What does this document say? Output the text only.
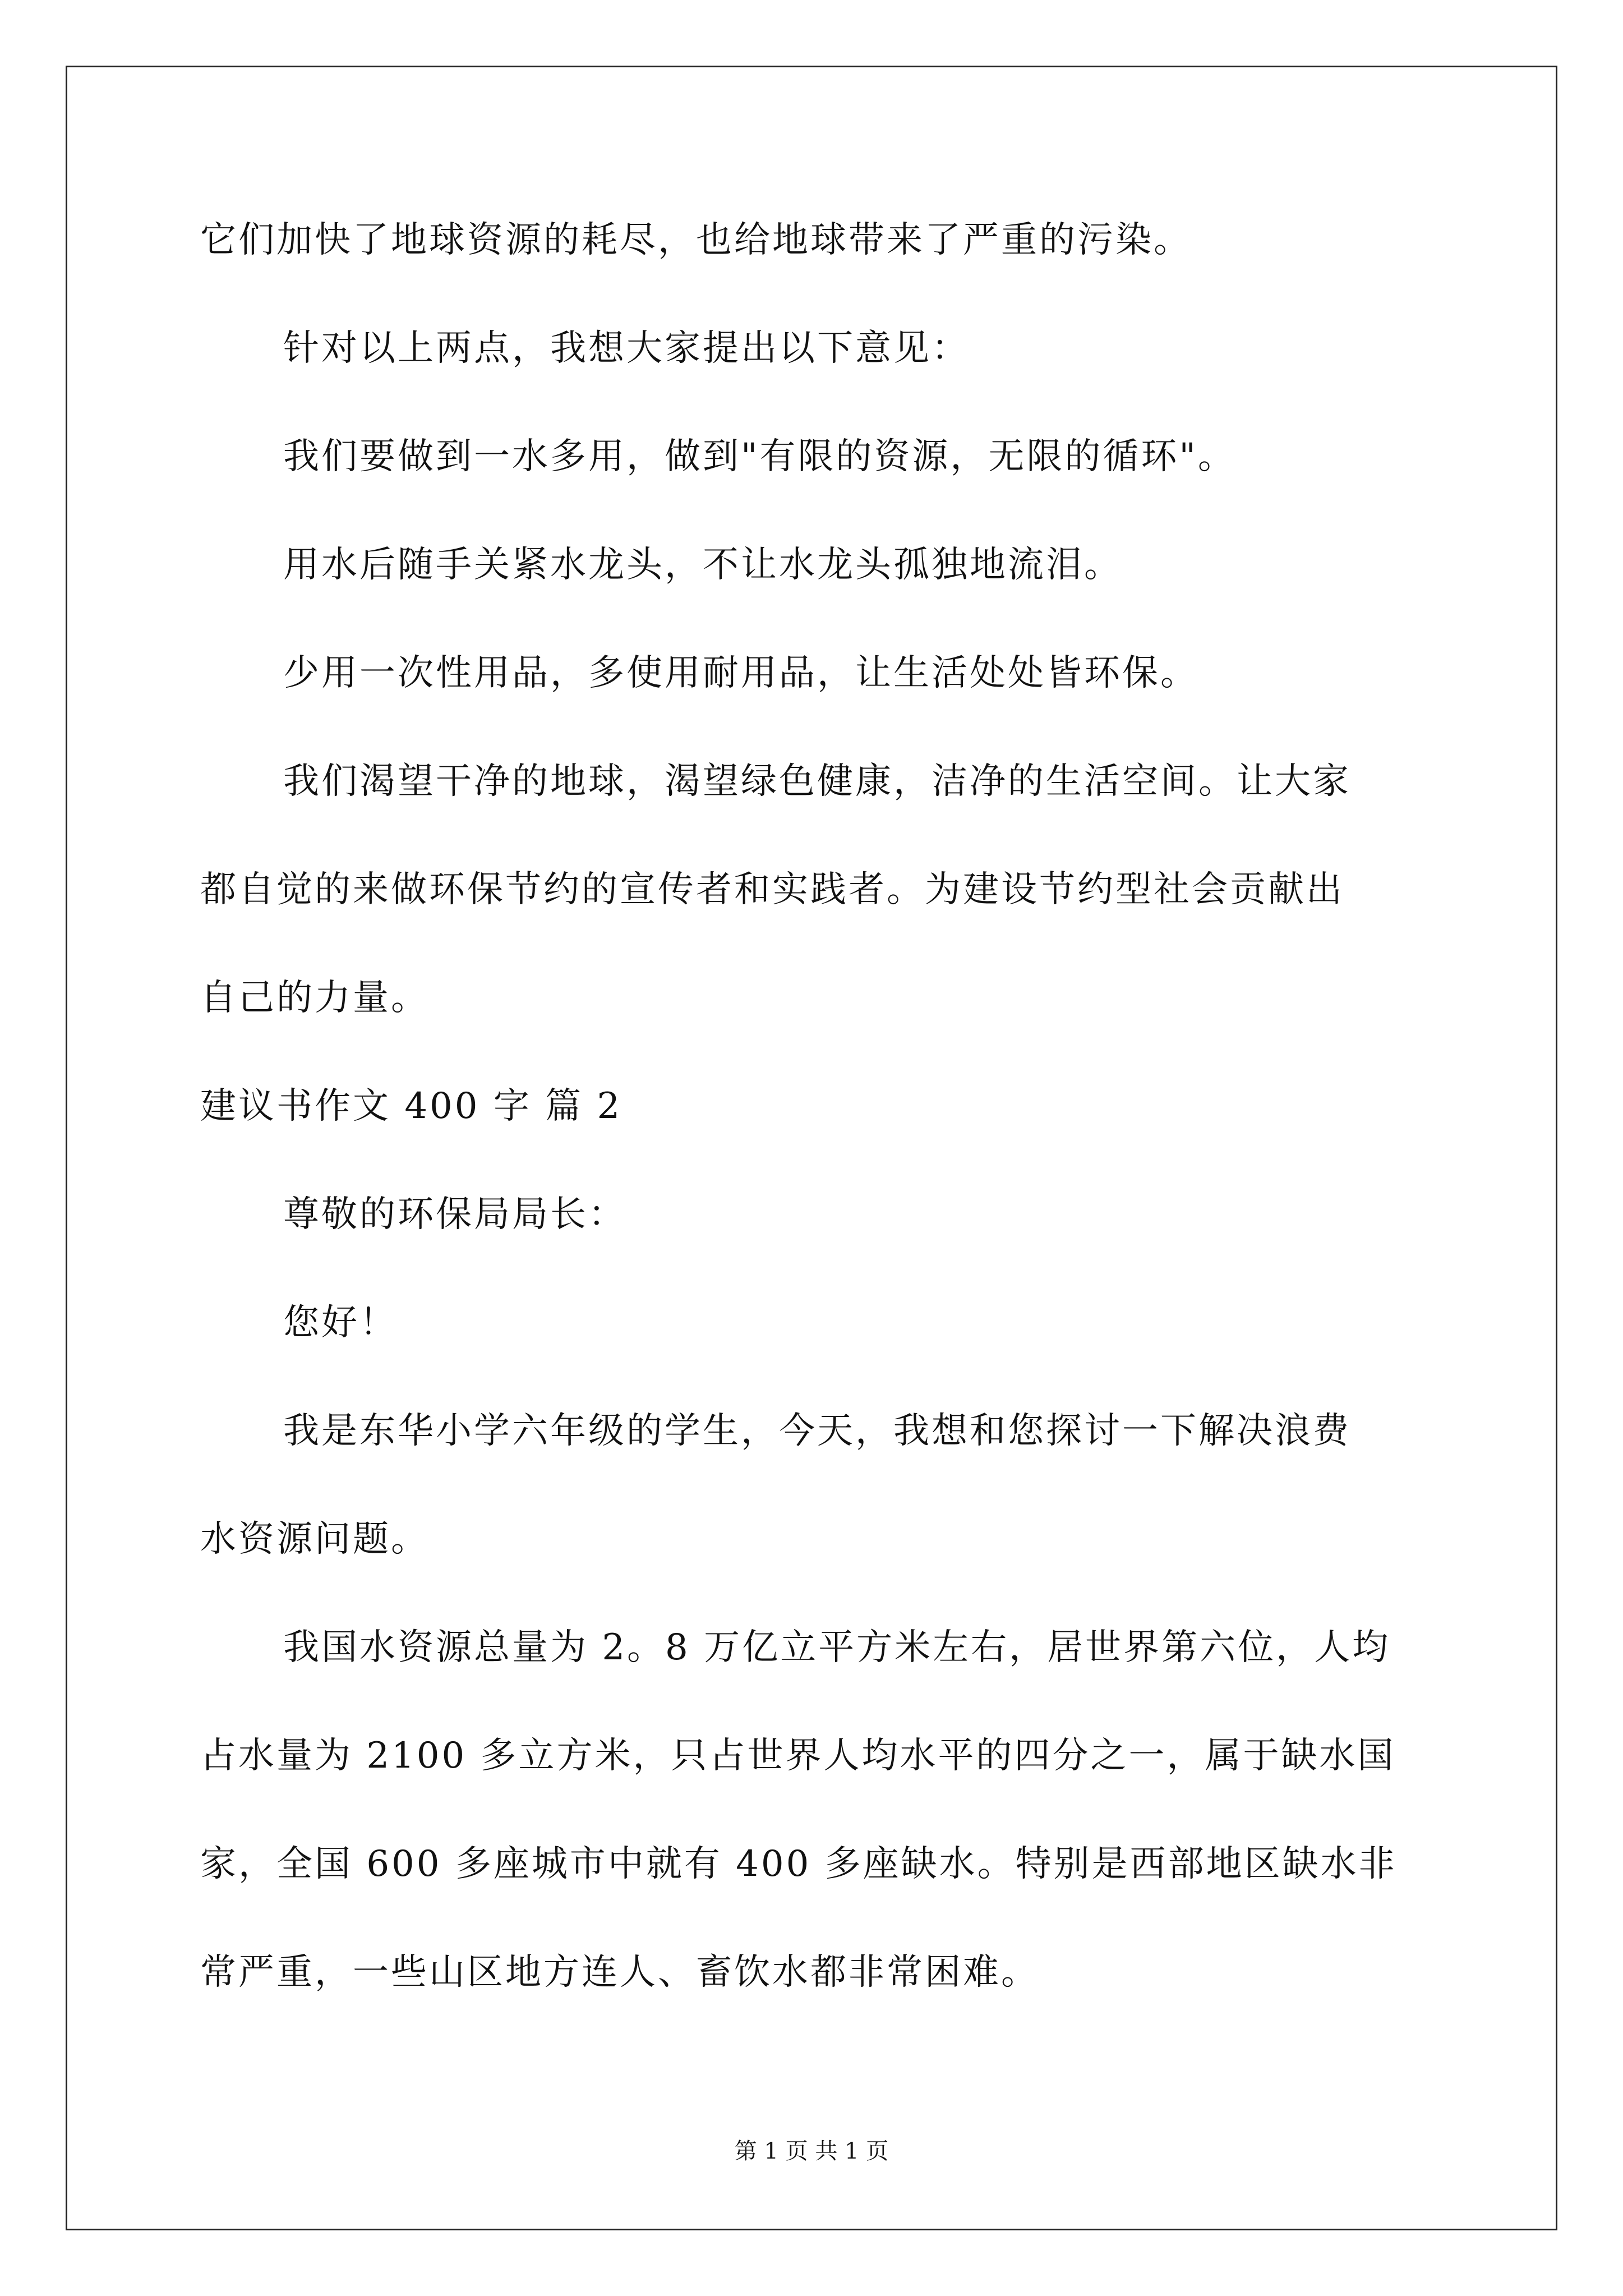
它们加快了地球资源的耗尽，也给地球带来了严重的污染。
针对以上两点，我想大家提出以下意见：
我们要做到一水多用，做到"有限的资源，无限的循环"。
用水后随手关紧水龙头，不让水龙头孤独地流泪。
少用一次性用品，多使用耐用品，让生活处处皆环保。
我们渴望干净的地球，渴望绿色健康，洁净的生活空间。让大家
都自觉的来做环保节约的宣传者和实践者。为建设节约型社会贡献出
自己的力量。
建议书作文 400 字 篇 2
尊敬的环保局局长：
您好！
我是东华小学六年级的学生，今天，我想和您探讨一下解决浪费
水资源问题。
我国水资源总量为 2。8 万亿立平方米左右，居世界第六位，人均
占水量为 2100 多立方米，只占世界人均水平的四分之一，属于缺水国
家，全国 600 多座城市中就有 400 多座缺水。特别是西部地区缺水非
常严重，一些山区地方连人、畜饮水都非常困难。
第 1 页 共 1 页
